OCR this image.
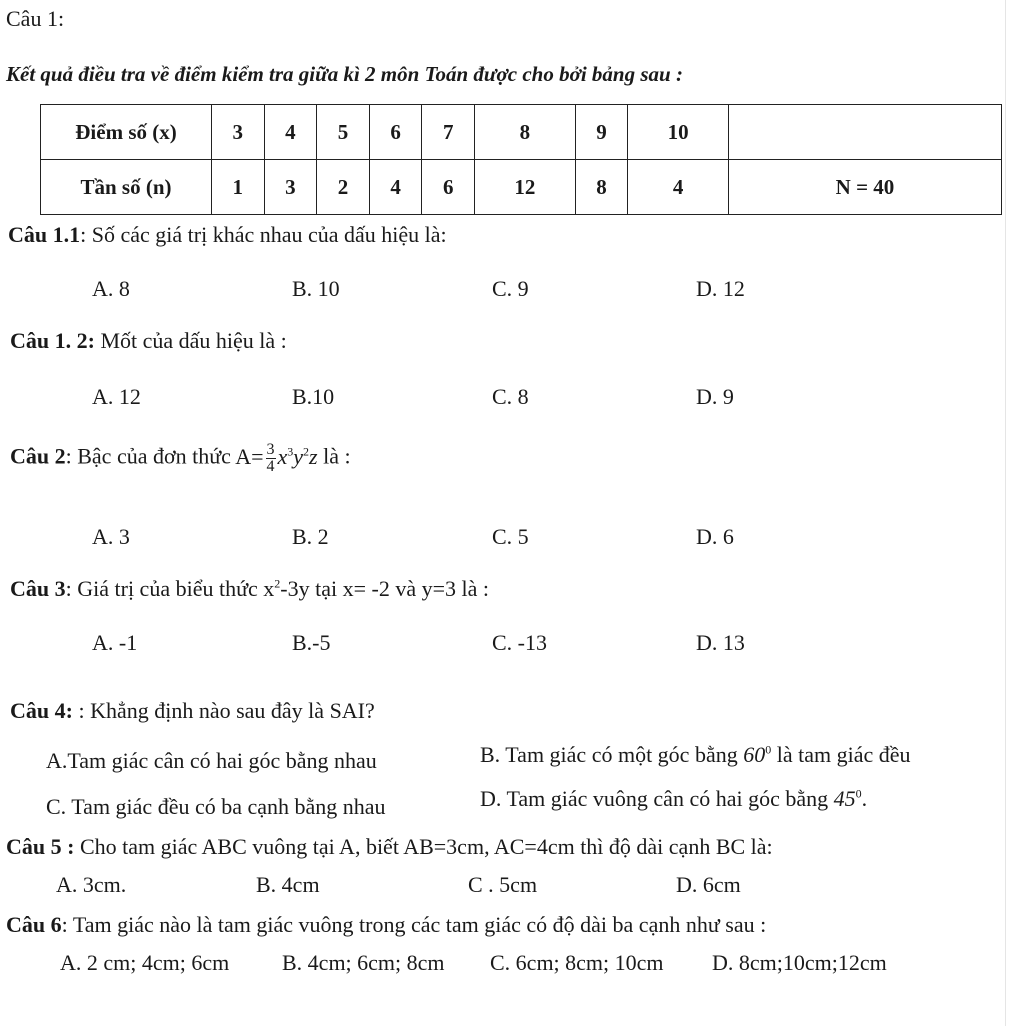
Câu 1:
Kết quả điều tra về điểm kiểm tra giữa kì 2 môn Toán được cho bởi bảng sau :
Điểm số (x)	3	4	5	6	7	8	9	10	
Tần số (n)	1	3	2	4	6	12	8	4	N = 40
Câu 1.1: Số các giá trị khác nhau của dấu hiệu là:
A. 8	B. 10	C. 9	D. 12
Câu 1. 2: Mốt của dấu hiệu là :
A. 12	B.10	C. 8	D. 9
Câu 2: Bậc của đơn thức $A= \frac{3}{4} x^3y^2z$ là :
A. 3	B. 2	C. 5	D. 6
Câu 3: Giá trị của biểu thức $x^2-3y$ tại x= -2 và y=3 là :
A. -1	B.-5	C. -13	D. 13
Câu 4: : Khẳng định nào sau đây là SAI?
A.Tam giác cân có hai góc bằng nhau	B. Tam giác có một góc bằng $60^0$ là tam giác đều
C. Tam giác đều có ba cạnh bằng nhau	D. Tam giác vuông cân có hai góc bằng $45^0$.
Câu 5 : Cho tam giác ABC vuông tại A, biết AB=3cm, AC=4cm thì độ dài cạnh BC là:
A. 3cm.	B. 4cm	C . 5cm	D. 6cm
Câu 6: Tam giác nào là tam giác vuông trong các tam giác có độ dài ba cạnh như sau :
A. 2 cm; 4cm; 6cm B. 4cm; 6cm; 8cm C. 6cm; 8cm; 10cm D. 8cm;10cm;12cm
